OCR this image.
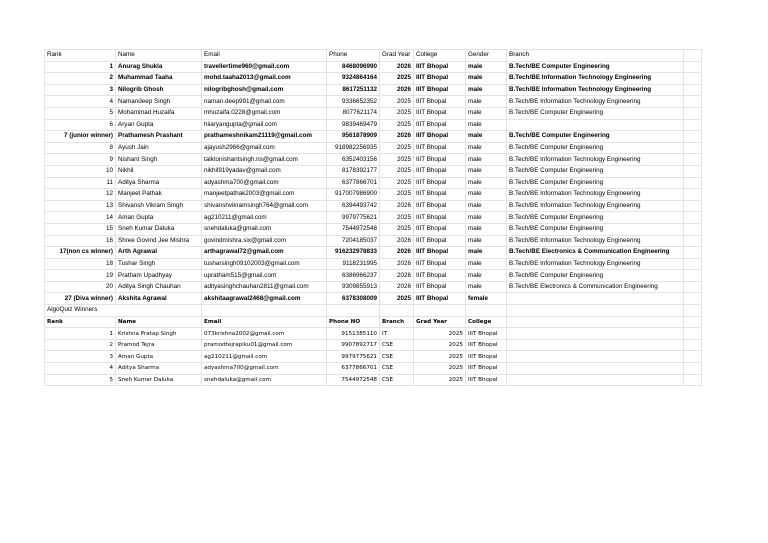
Rank	Name	Email	Phone	Grad Year	College	Gender	Branch	
1	Anurag Shukla	travellertime960@gmail.com	8468096990	2026	IIIT Bhopal	male	B.Tech/BE Computer Engineering	
2	Muhammad Taaha	mohd.taaha2013@gmail.com	9324864164	2025	IIIT Bhopal	male	B.Tech/BE Information Technology Engineering	
3	Nilogrib Ghosh	nilogribghosh@gmail.com	8617251132	2026	IIIT Bhopal	male	B.Tech/BE Information Technology Engineering	
4	Namandeep Singh	naman.deep991@gmail.com	9336652352	2025	IIIT Bhopal	male	B.Tech/BE Information Technology Engineering	
5	Mohammad Huzaifa	mhuzaifa.0228@gmail.com	8077621174	2025	IIIT Bhopal	male	B.Tech/BE Computer Engineering	
6	Aryan Gupta	hiiaryangupta@gmail.com	9839469479	2025	IIIT Bhopal	male		
7 (junior winner)	Prathamesh Prashant	prathameshnikam21119@gmail.com	9561878909	2026	IIIT Bhopal	male	B.Tech/BE Computer Engineering	
8	Ayush Jain	ajayush2966@gmail.com	918982256935	2025	IIIT Bhopal	male	B.Tech/BE Computer Engineering	
9	Nishant Singh	talktonishantsingh.ns@gmail.com	6352403156	2025	IIIT Bhopal	male	B.Tech/BE Information Technology Engineering	
10	Nikhil	nikhil919yadav@gmail.com	8178392177	2025	IIIT Bhopal	male	B.Tech/BE Computer Engineering	
11	Aditya Sharma	adyashma700@gmail.com	6377866701	2025	IIIT Bhopal	male	B.Tech/BE Computer Engineering	
12	Manjeet Pathak	manjeetpathak2003@gmail.com	917007986900	2025	IIIT Bhopal	male	B.Tech/BE Information Technology Engineering	
13	Shivansh Vikram Singh	shivanshvikramsingh764@gmail.com	6394493742	2026	IIIT Bhopal	male	B.Tech/BE Information Technology Engineering	
14	Aman Gupta	ag210211@gmail.com	9979775621	2025	IIIT Bhopal	male	B.Tech/BE Computer Engineering	
15	Sneh Kumar Daluka	snehdaluka@gmail.com	7544972548	2025	IIIT Bhopal	male	B.Tech/BE Computer Engineering	
16	Shree Govind Jee Mishra	govindmishra.six@gmail.com	7204185037	2026	IIIT Bhopal	male	B.Tech/BE Information Technology Engineering	
17(non cs winner)	Arth Agrawal	arthagrawal72@gmail.com	916232978833	2026	IIIT Bhopal	male	B.Tech/BE Electronics & Communication Engineering	
18	Tushar Singh	tusharsingh09102003@gmail.com	9118231995	2026	IIIT Bhopal	male	B.Tech/BE Information Technology Engineering	
19	Pratham Upadhyay	upratham515@gmail.com	6386966237	2026	IIIT Bhopal	male	B.Tech/BE Computer Engineering	
20	Aditya Singh Chauhan	adityasinghchauhan2811@gmail.com	9309855913	2026	IIIT Bhopal	male	B.Tech/BE Electronics & Communication Engineering	
27 (Diva winner)	Akshita Agrawal	akshitaagrawal2468@gmail.com	6378308009	2025	IIIT Bhopal	female		
AlgoQuiz Winners								
Rank	Name	Email	Phone NO	Branch	Grad Year	College		
1	Krishna Pratap Singh	073krishna2002@gmail.com	9151385110	IT	2025	IIIT Bhopal		
2	Pramod Tejra	pramodtejrapiku01@gmail.com	9907892717	CSE	2025	IIIT Bhopal		
3	Aman Gupta	ag210211@gmail.com	9979775621	CSE	2025	IIIT Bhopal		
4	Aditya Sharma	adyashma700@gmail.com	6377866701	CSE	2025	IIIT Bhopal		
5	Sneh Kumar Daluka	snehdaluka@gmail.com	7544972548	CSE	2025	IIIT Bhopal		
